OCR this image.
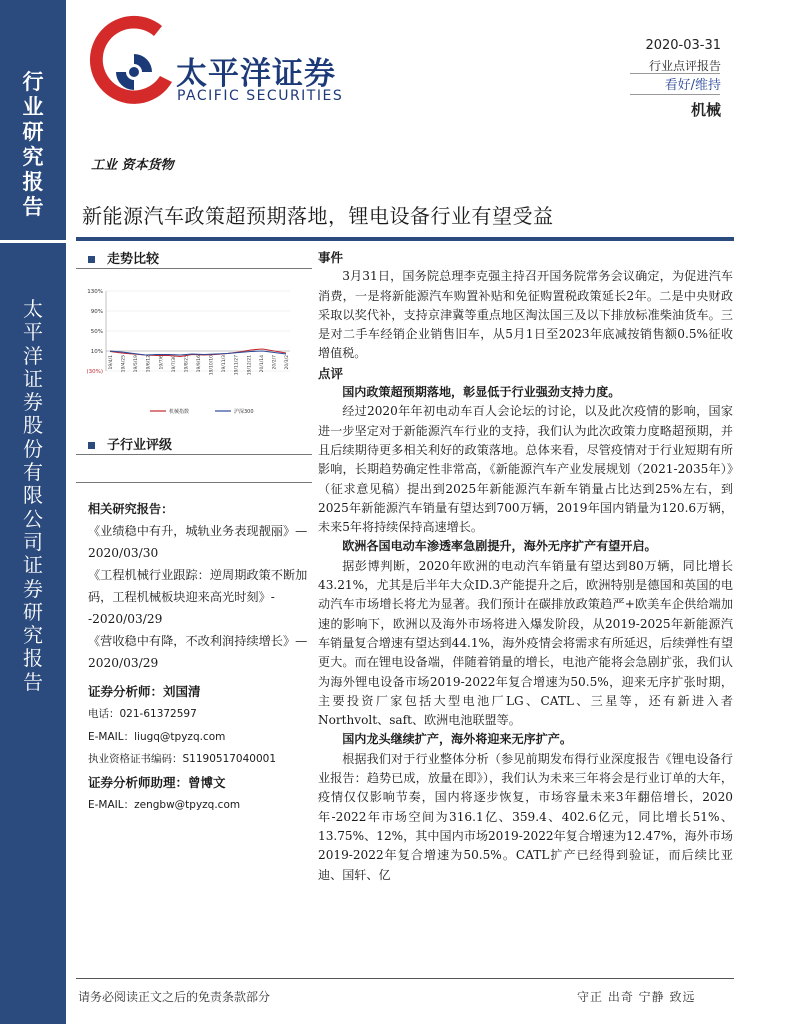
行
业
研
究
报
告
太
平
洋
证
券
股
份
有
限
公
司
证
券
研
究
报
告
太平洋证券
PACIFIC SECURITIES
2020-03-31
行业点评报告
看好/维持
机械
工业 资本货物
新能源汽车政策超预期落地，锂电设备行业有望受益
走势比较
130%
90%
50%
10%
(30%)
19/4/1 19/4/25 19/5/19 19/6/12 19/7/6 19/7/30 19/8/23 19/9/16 19/10/10 19/11/3 19/11/27 19/12/21 20/1/14 20/2/7 20/3/2
机械指数	沪深300
子行业评级
相关研究报告：
《业绩稳中有升，城轨业务表现靓丽》—2020/03/30
《工程机械行业跟踪：逆周期政策不断加码，工程机械板块迎来高光时刻》--2020/03/29
《营收稳中有降，不改利润持续增长》—2020/03/29
证券分析师：刘国清
电话：021-61372597
E-MAIL：liugq@tpyzq.com
执业资格证书编码：S1190517040001
证券分析师助理：曾博文
E-MAIL：zengbw@tpyzq.com
事件

3月31日，国务院总理李克强主持召开国务院常务会议确定，为促进汽车消费，一是将新能源汽车购置补贴和免征购置税政策延长2年。二是中央财政采取以奖代补，支持京津冀等重点地区淘汰国三及以下排放标准柴油货车。三是对二手车经销企业销售旧车，从5月1日至2023年底减按销售额0.5%征收增值税。

点评
国内政策超预期落地，彰显低于行业强劲支持力度。

经过2020年年初电动车百人会论坛的讨论，以及此次疫情的影响，国家进一步坚定对于新能源汽车行业的支持，我们认为此次政策力度略超预期，并且后续期待更多相关利好的政策落地。总体来看，尽管疫情对于行业短期有所影响，长期趋势确定性非常高，《新能源汽车产业发展规划（2021-2035年）》（征求意见稿）提出到2025年新能源汽车新车销量占比达到25%左右，到2025年新能源汽车销量有望达到700万辆，2019年国内销量为120.6万辆，未来5年将持续保持高速增长。

欧洲各国电动车渗透率急剧提升，海外无序扩产有望开启。

据彭博判断，2020年欧洲的电动汽车销量有望达到80万辆，同比增长43.21%，尤其是后半年大众ID.3产能提升之后，欧洲特别是德国和英国的电动汽车市场增长将尤为显著。我们预计在碳排放政策趋严+欧美车企供给端加速的影响下，欧洲以及海外市场将进入爆发阶段，从2019-2025年新能源汽车销量复合增速有望达到44.1%，海外疫情会将需求有所延迟，后续弹性有望更大。而在锂电设备端，伴随着销量的增长，电池产能将会急剧扩张，我们认为海外锂电设备市场2019-2022年复合增速为50.5%，迎来无序扩张时期，主要投资厂家包括大型电池厂LG、CATL、三星等，还有新进入者Northvolt、saft、欧洲电池联盟等。

国内龙头继续扩产，海外将迎来无序扩产。

根据我们对于行业整体分析（参见前期发布得行业深度报告《锂电设备行业报告：趋势已成，放量在即》），我们认为未来三年将会是行业订单的大年，疫情仅仅影响节奏，国内将逐步恢复，市场容量未来3年翻倍增长，2020年-2022年市场空间为316.1亿、359.4、402.6亿元，同比增长51%、13.75%、12%，其中国内市场2019-2022年复合增速为12.47%，海外市场2019-2022年复合增速为50.5%。CATL扩产已经得到验证，而后续比亚迪、国轩、亿

请务必阅读正文之后的免责条款部分	守正 出奇 宁静 致远
